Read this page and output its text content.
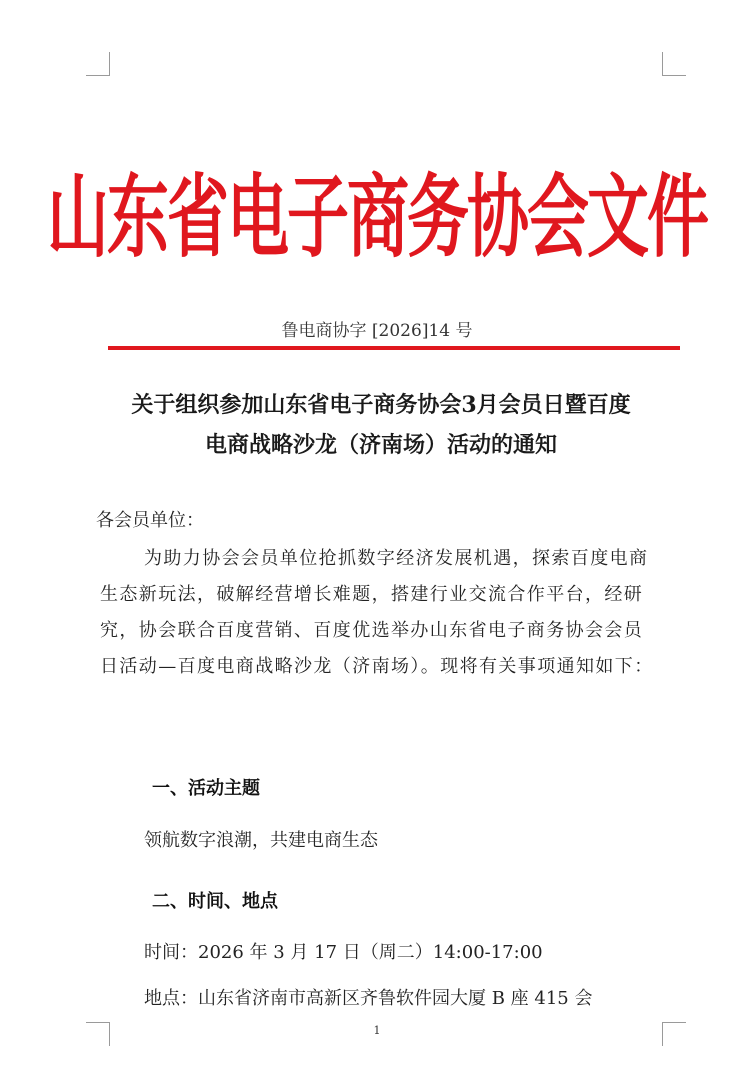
山东省电子商务协会文件
鲁电商协字 [2026]14 号
关于组织参加山东省电子商务协会3月会员日暨百度
电商战略沙龙（济南场）活动的通知
各会员单位：
为助力协会会员单位抢抓数字经济发展机遇，探索百度电商生态新玩法，破解经营增长难题，搭建行业交流合作平台，经研究，协会联合百度营销、百度优选举办山东省电子商务协会会员日活动—百度电商战略沙龙（济南场）。现将有关事项通知如下：
一、活动主题
领航数字浪潮，共建电商生态
二、时间、地点
时间：2026 年 3 月 17 日（周二）14:00-17:00
地点：山东省济南市高新区齐鲁软件园大厦 B 座 415 会
1
